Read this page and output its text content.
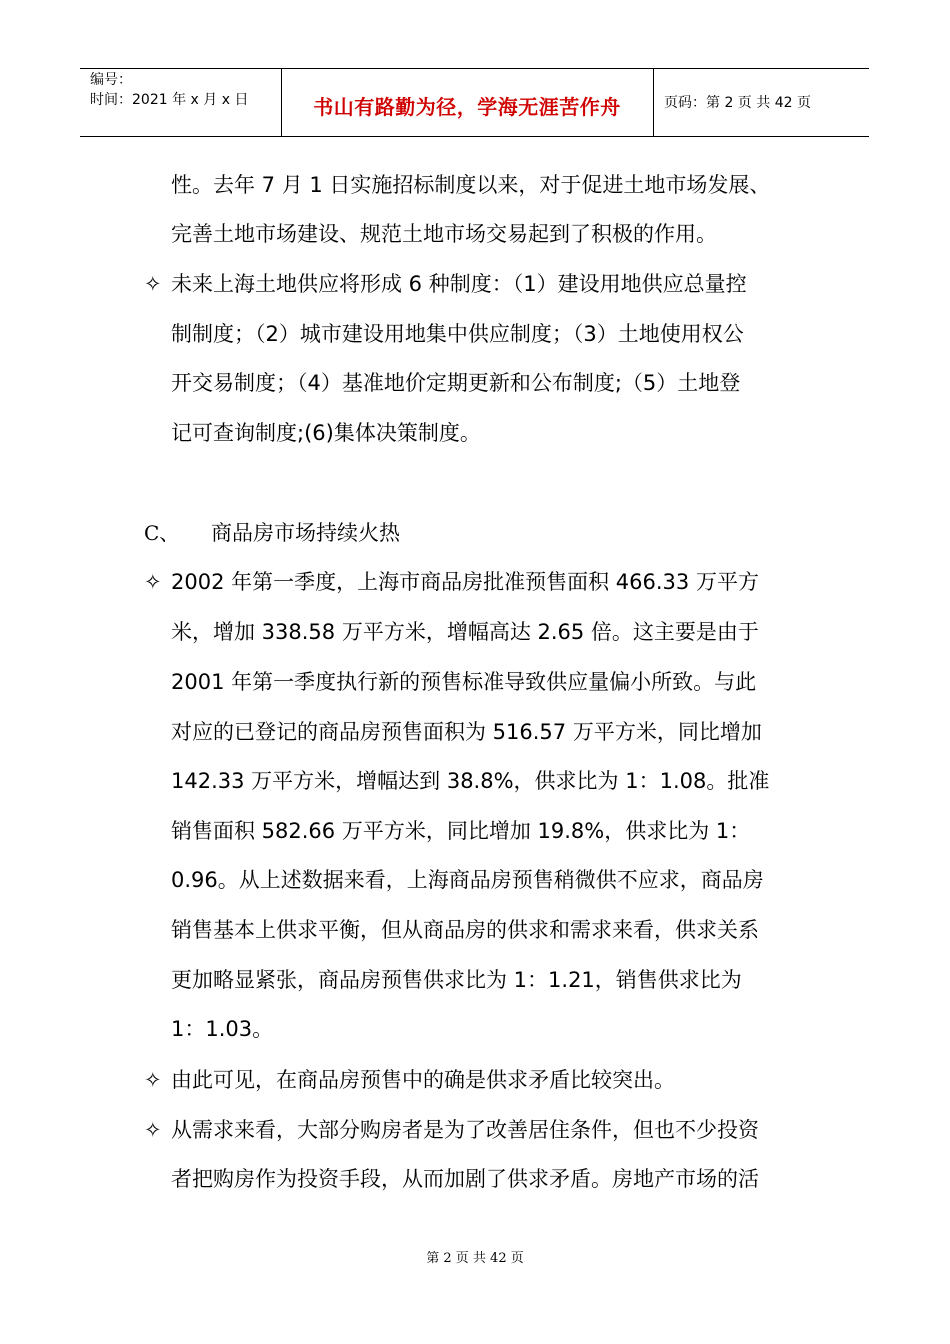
编号：
时间：2021 年 x 月 x 日	书山有路勤为径，学海无涯苦作舟	页码：第 2 页 共 42 页
性。去年 7 月 1 日实施招标制度以来，对于促进土地市场发展、
完善土地市场建设、规范土地市场交易起到了积极的作用。
✧ 未来上海土地供应将形成 6 种制度：（1）建设用地供应总量控
制制度；（2）城市建设用地集中供应制度；（3）土地使用权公
开交易制度；（4）基准地价定期更新和公布制度;（5）土地登
记可查询制度;(6)集体决策制度。
C、 商品房市场持续火热
✧ 2002 年第一季度，上海市商品房批准预售面积 466.33 万平方
米，增加 338.58 万平方米，增幅高达 2.65 倍。这主要是由于
2001 年第一季度执行新的预售标准导致供应量偏小所致。与此
对应的已登记的商品房预售面积为 516.57 万平方米，同比增加
142.33 万平方米，增幅达到 38.8%，供求比为 1：1.08。批准
销售面积 582.66 万平方米，同比增加 19.8%，供求比为 1：
0.96。从上述数据来看，上海商品房预售稍微供不应求，商品房
销售基本上供求平衡，但从商品房的供求和需求来看，供求关系
更加略显紧张，商品房预售供求比为 1：1.21，销售供求比为
1：1.03。
✧ 由此可见，在商品房预售中的确是供求矛盾比较突出。
✧ 从需求来看，大部分购房者是为了改善居住条件，但也不少投资
者把购房作为投资手段，从而加剧了供求矛盾。房地产市场的活
第 2 页 共 42 页
